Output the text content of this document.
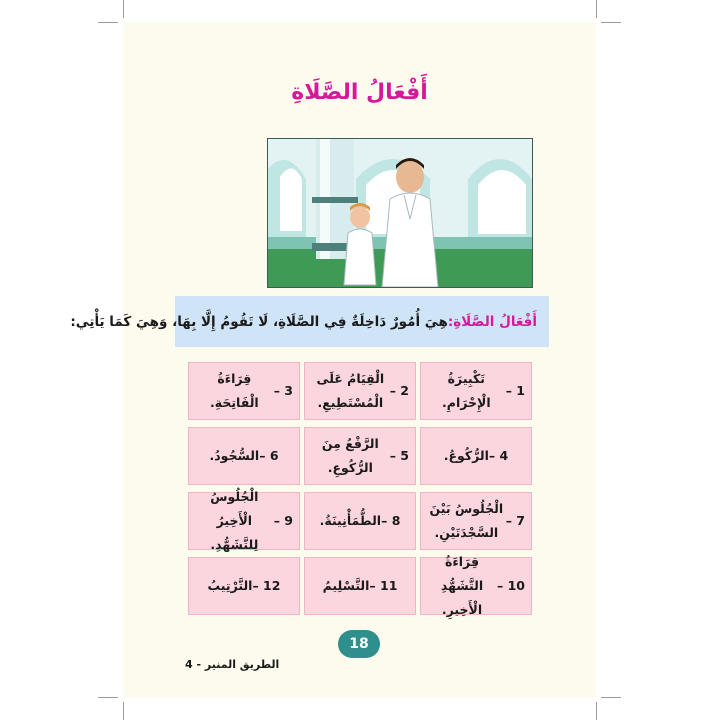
أَفْعَالُ الصَّلَاةِ
أَفْعَالُ الصَّلَاةِ:
هِيَ أُمُورٌ دَاخِلَةٌ فِي الصَّلَاةِ، لَا تَقُومُ إِلَّا بِهَا، وَهِيَ كَمَا يَأْتِي:
1
–
تَكْبِيرَةُ الْإِحْرَامِ.
2
–
الْقِيَامُ عَلَى الْمُسْتَطِيعِ.
3
–
قِرَاءَةُ الْفَاتِحَةِ.
4
–
الرُّكُوعُ.
5
–
الرَّفْعُ مِنَ الرُّكُوعِ.
6
–
السُّجُودُ.
7
–
الْجُلُوسُ بَيْنَ السَّجْدَتَيْنِ.
8
–
الطُّمَأْنِينَةُ.
9
–
الْجُلُوسُ الْأَخِيرُ لِلتَّشَهُّدِ.
10
–
قِرَاءَةُ التَّشَهُّدِ الْأَخِيرِ.
11
–
التَّسْلِيمُ
12
–
التَّرْتِيبُ
18
الطريق المنير - 4
